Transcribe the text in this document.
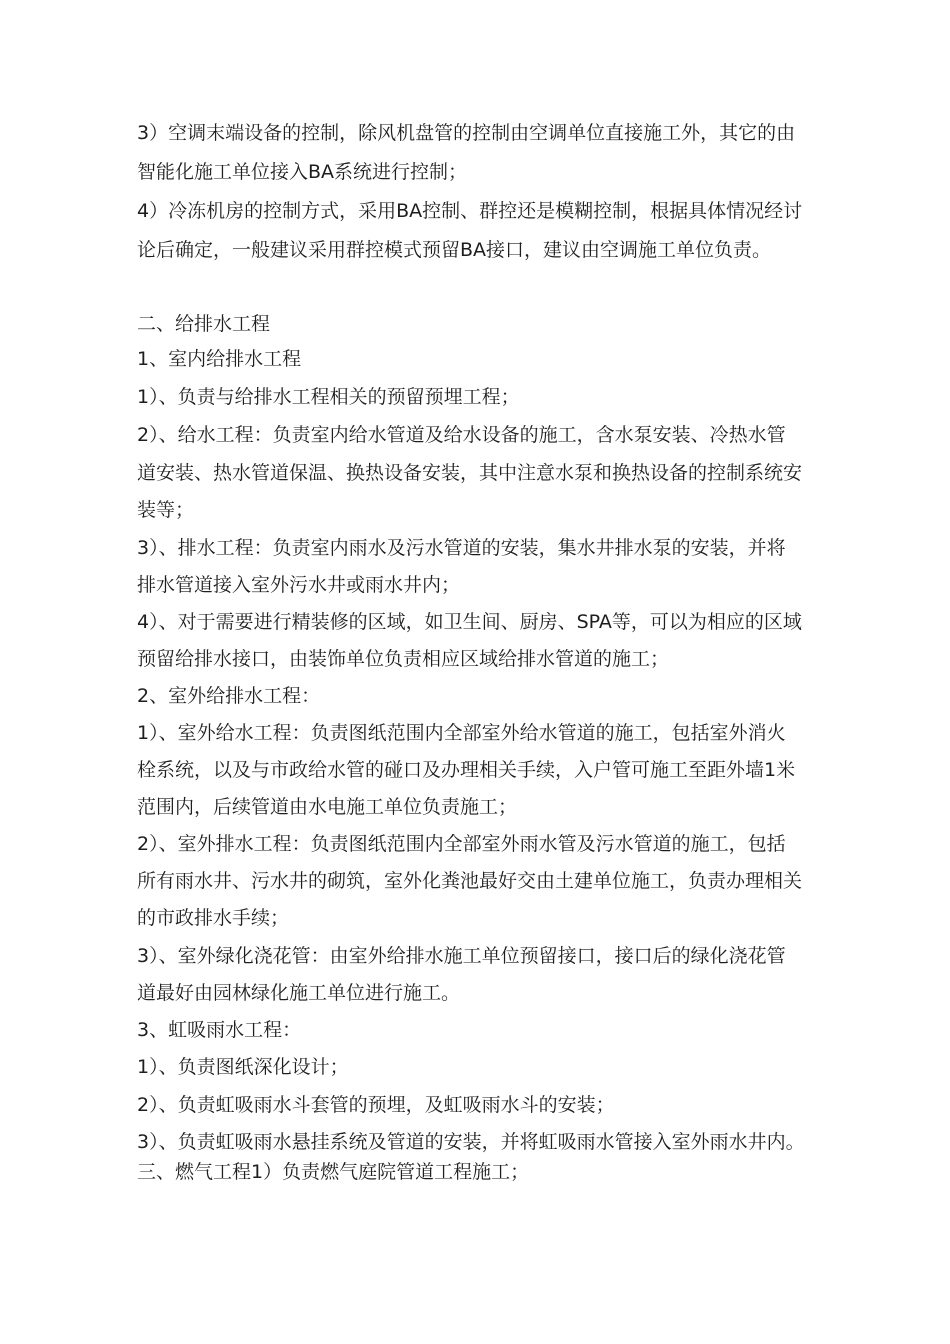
3）空调末端设备的控制，除风机盘管的控制由空调单位直接施工外，其它的由
智能化施工单位接入BA系统进行控制；
4）冷冻机房的控制方式，采用BA控制、群控还是模糊控制，根据具体情况经讨
论后确定，一般建议采用群控模式预留BA接口，建议由空调施工单位负责。
二、给排水工程
1、室内给排水工程
1）、负责与给排水工程相关的预留预埋工程；
2）、给水工程：负责室内给水管道及给水设备的施工，含水泵安装、冷热水管
道安装、热水管道保温、换热设备安装，其中注意水泵和换热设备的控制系统安
装等；
3）、排水工程：负责室内雨水及污水管道的安装，集水井排水泵的安装，并将
排水管道接入室外污水井或雨水井内；
4）、对于需要进行精装修的区域，如卫生间、厨房、SPA等，可以为相应的区域
预留给排水接口，由装饰单位负责相应区域给排水管道的施工；
2、室外给排水工程：
1）、室外给水工程：负责图纸范围内全部室外给水管道的施工，包括室外消火
栓系统，以及与市政给水管的碰口及办理相关手续，入户管可施工至距外墙1米
范围内，后续管道由水电施工单位负责施工；
2）、室外排水工程：负责图纸范围内全部室外雨水管及污水管道的施工，包括
所有雨水井、污水井的砌筑，室外化粪池最好交由土建单位施工，负责办理相关
的市政排水手续；
3）、室外绿化浇花管：由室外给排水施工单位预留接口，接口后的绿化浇花管
道最好由园林绿化施工单位进行施工。
3、虹吸雨水工程：
1）、负责图纸深化设计；
2）、负责虹吸雨水斗套管的预埋，及虹吸雨水斗的安装；
3）、负责虹吸雨水悬挂系统及管道的安装，并将虹吸雨水管接入室外雨水井内。
三、燃气工程1）负责燃气庭院管道工程施工；
